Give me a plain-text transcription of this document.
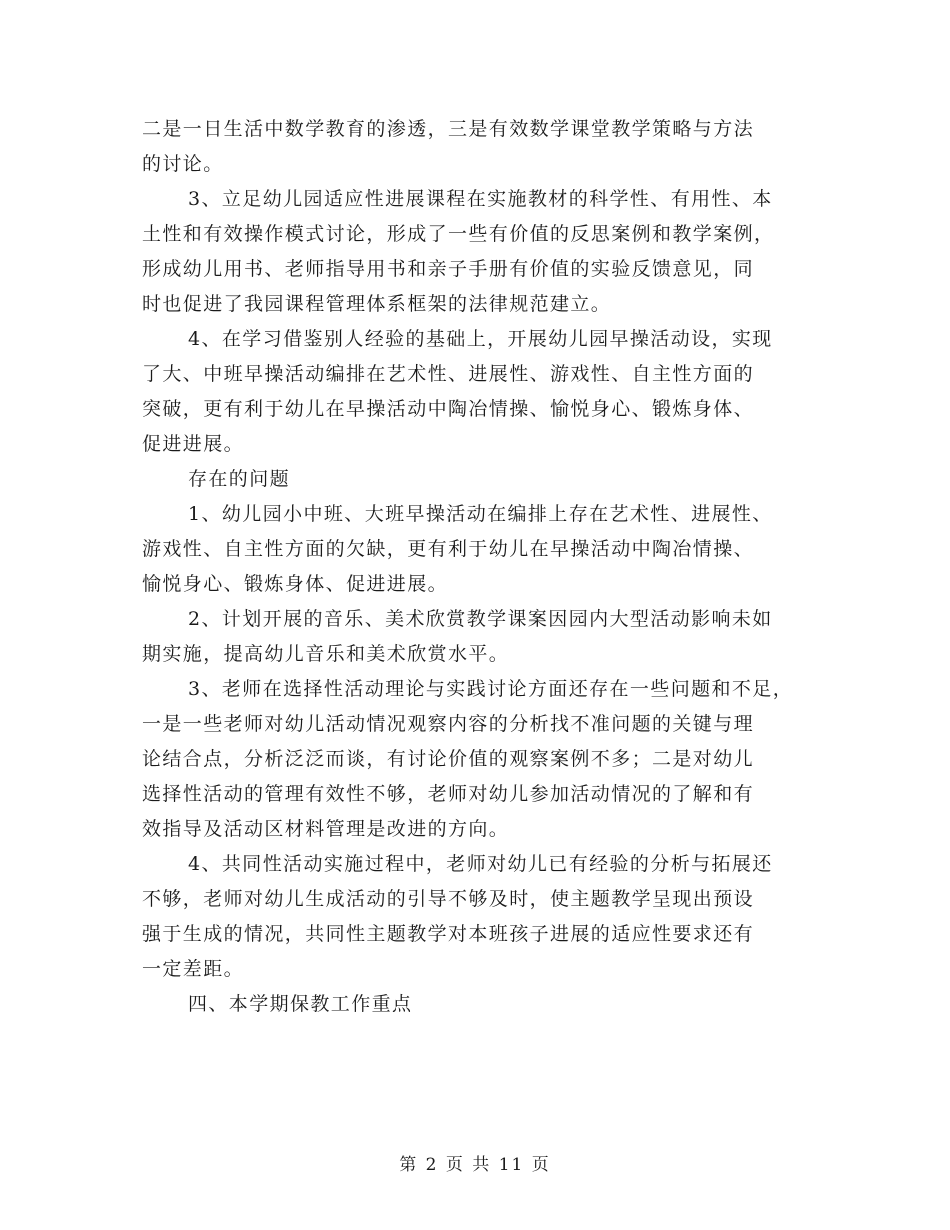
二是一日生活中数学教育的渗透，三是有效数学课堂教学策略与方法
的讨论。
3、立足幼儿园适应性进展课程在实施教材的科学性、有用性、本
土性和有效操作模式讨论，形成了一些有价值的反思案例和教学案例，
形成幼儿用书、老师指导用书和亲子手册有价值的实验反馈意见，同
时也促进了我园课程管理体系框架的法律规范建立。
4、在学习借鉴别人经验的基础上，开展幼儿园早操活动设，实现
了大、中班早操活动编排在艺术性、进展性、游戏性、自主性方面的
突破，更有利于幼儿在早操活动中陶冶情操、愉悦身心、锻炼身体、
促进进展。
存在的问题
1、幼儿园小中班、大班早操活动在编排上存在艺术性、进展性、
游戏性、自主性方面的欠缺，更有利于幼儿在早操活动中陶冶情操、
愉悦身心、锻炼身体、促进进展。
2、计划开展的音乐、美术欣赏教学课案因园内大型活动影响未如
期实施，提高幼儿音乐和美术欣赏水平。
3、老师在选择性活动理论与实践讨论方面还存在一些问题和不足，
一是一些老师对幼儿活动情况观察内容的分析找不准问题的关键与理
论结合点，分析泛泛而谈，有讨论价值的观察案例不多；二是对幼儿
选择性活动的管理有效性不够，老师对幼儿参加活动情况的了解和有
效指导及活动区材料管理是改进的方向。
4、共同性活动实施过程中，老师对幼儿已有经验的分析与拓展还
不够，老师对幼儿生成活动的引导不够及时，使主题教学呈现出预设
强于生成的情况，共同性主题教学对本班孩子进展的适应性要求还有
一定差距。
四、本学期保教工作重点
第 2 页 共 11 页
